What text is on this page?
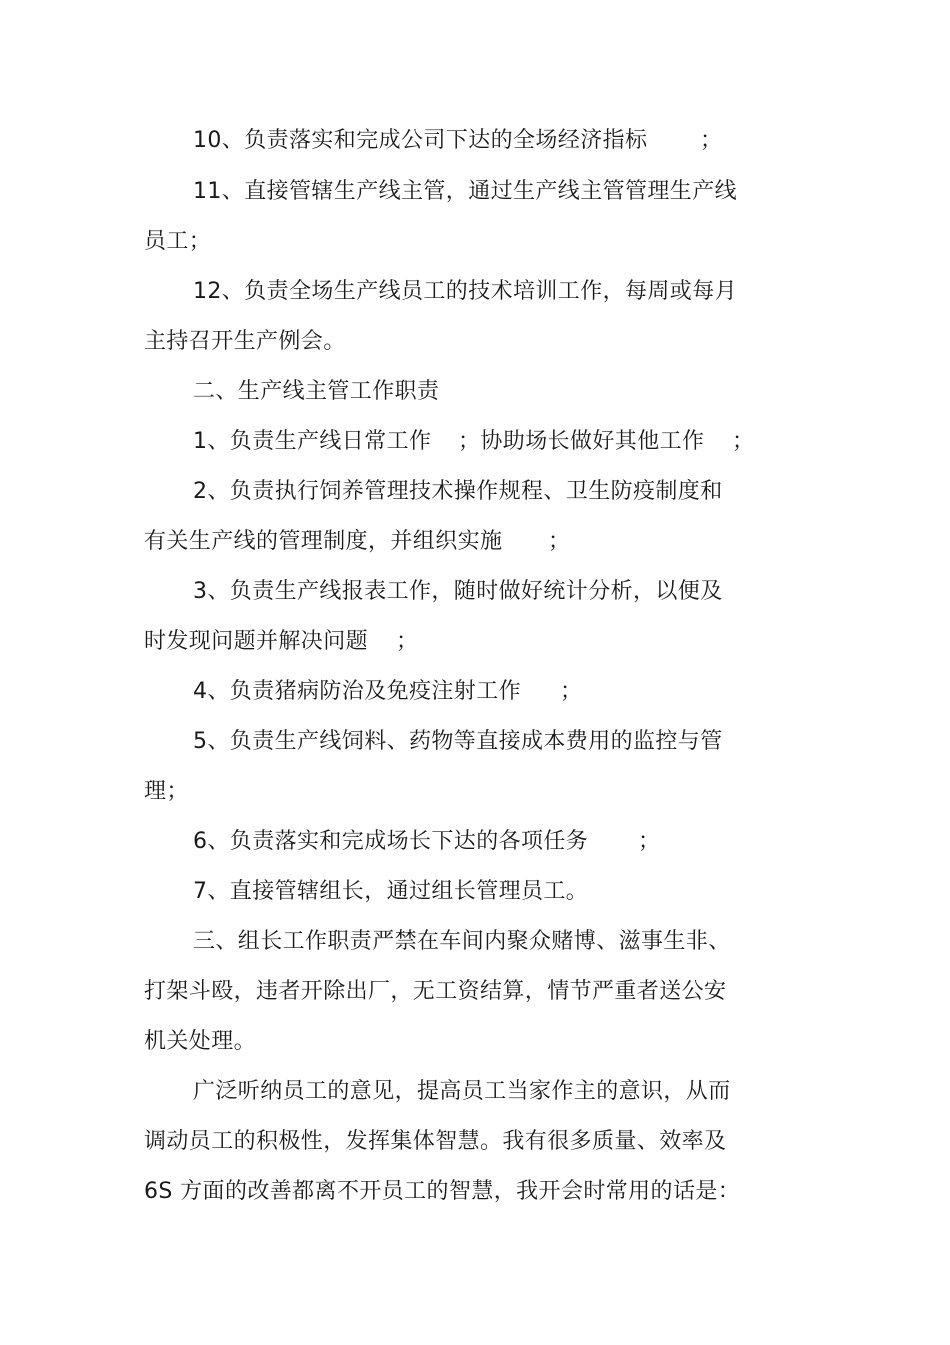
10、负责落实和完成公司下达的全场经济指标 ；
11、直接管辖生产线主管，通过生产线主管管理生产线
员工；
12、负责全场生产线员工的技术培训工作，每周或每月
主持召开生产例会。
二、生产线主管工作职责
1、负责生产线日常工作 ；协助场长做好其他工作 ；
2、负责执行饲养管理技术操作规程、卫生防疫制度和
有关生产线的管理制度，并组织实施 ；
3、负责生产线报表工作，随时做好统计分析，以便及
时发现问题并解决问题 ；
4、负责猪病防治及免疫注射工作 ；
5、负责生产线饲料、药物等直接成本费用的监控与管
理；
6、负责落实和完成场长下达的各项任务 ；
7、直接管辖组长，通过组长管理员工。
三、组长工作职责严禁在车间内聚众赌博、滋事生非、
打架斗殴，违者开除出厂，无工资结算，情节严重者送公安
机关处理。
广泛听纳员工的意见，提高员工当家作主的意识，从而
调动员工的积极性，发挥集体智慧。我有很多质量、效率及
6S 方面的改善都离不开员工的智慧，我开会时常用的话是：
